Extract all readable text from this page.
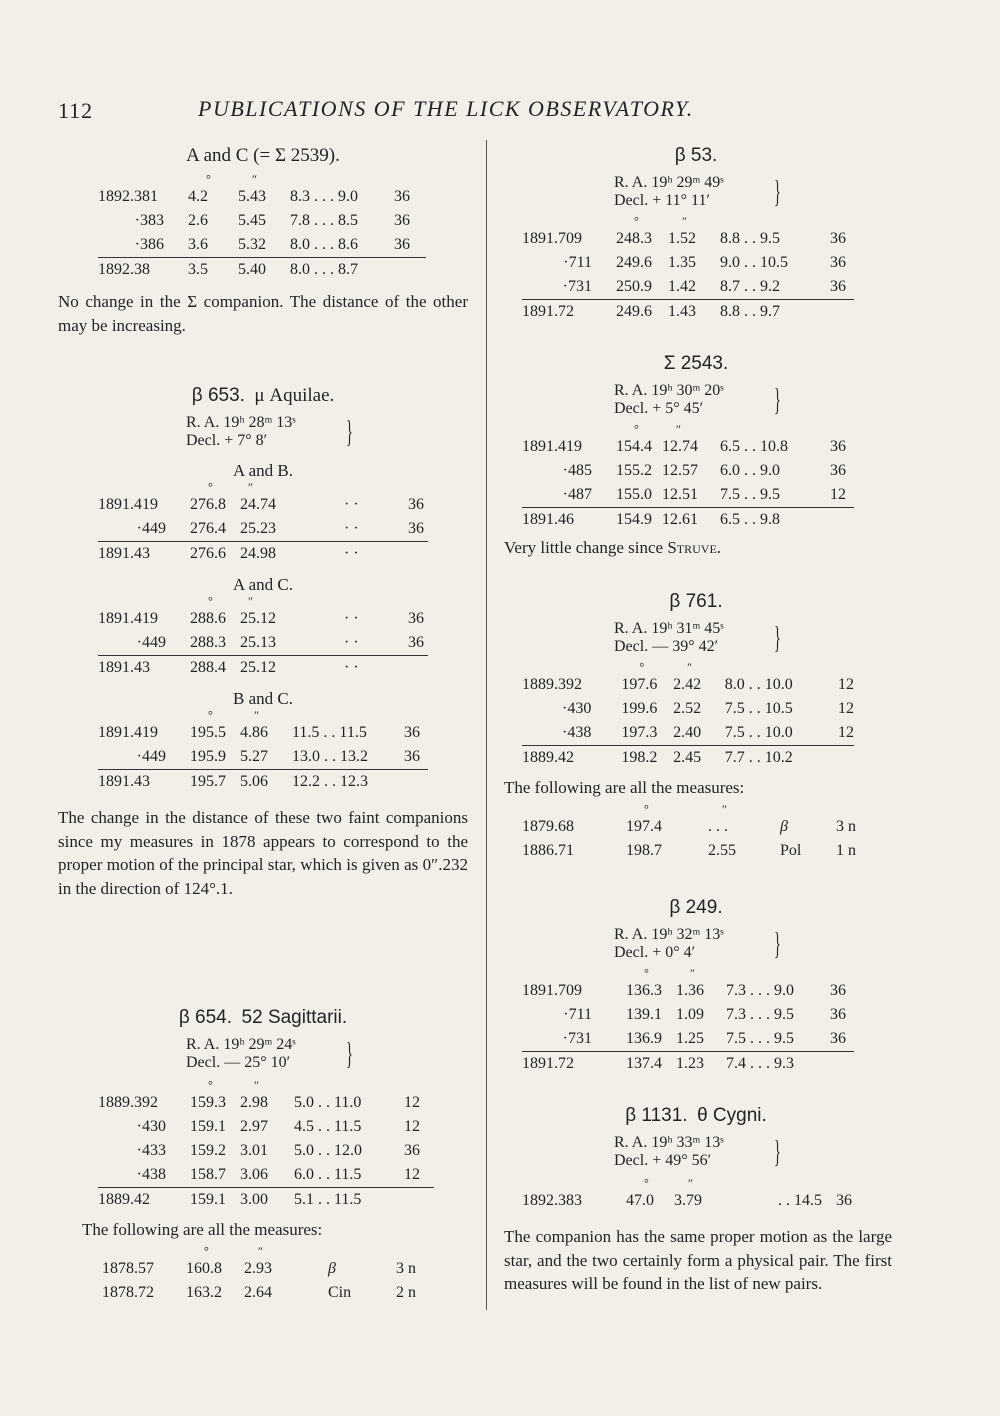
112	PUBLICATIONS OF THE LICK OBSERVATORY.
A and C (= Σ 2539).
	°	″		
1892.381	4.2	5.43	8.3 . . . 9.0	36
·383	2.6	5.45	7.8 . . . 8.5	36
·386	3.6	5.32	8.0 . . . 8.6	36
1892.38	3.5	5.40	8.0 . . . 8.7	
No change in the Σ companion. The distance of the other may be increasing.
β 653. μ Aquilae.
R. A. 19ʰ 28ᵐ 13ˢ
Decl. + 7° 8′	}
A and B.
	°	″		
1891.419	276.8	24.74	· ·	36
·449	276.4	25.23	· ·	36
1891.43	276.6	24.98	· ·	
A and C.
	°	″		
1891.419	288.6	25.12	· ·	36
·449	288.3	25.13	· ·	36
1891.43	288.4	25.12	· ·	
B and C.
	°	″		
1891.419	195.5	4.86	11.5 . . 11.5	36
·449	195.9	5.27	13.0 . . 13.2	36
1891.43	195.7	5.06	12.2 . . 12.3	
The change in the distance of these two faint companions since my measures in 1878 appears to correspond to the proper motion of the principal star, which is given as 0″.232 in the direction of 124°.1.
β 654. 52 Sagittarii.
R. A. 19ʰ 29ᵐ 24ˢ
Decl. — 25° 10′	}
	°	″		
1889.392	159.3	2.98	5.0 . . 11.0	12
·430	159.1	2.97	4.5 . . 11.5	12
·433	159.2	3.01	5.0 . . 12.0	36
·438	158.7	3.06	6.0 . . 11.5	12
1889.42	159.1	3.00	5.1 . . 11.5	
The following are all the measures:
	°	″		
1878.57	160.8	2.93	β	3 n
1878.72	163.2	2.64	Cin	2 n
β 53.
R. A. 19ʰ 29ᵐ 49ˢ
Decl. + 11° 11′	}
	°	″		
1891.709	248.3	1.52	8.8 . . 9.5	36
·711	249.6	1.35	9.0 . . 10.5	36
·731	250.9	1.42	8.7 . . 9.2	36
1891.72	249.6	1.43	8.8 . . 9.7	
Σ 2543.
R. A. 19ʰ 30ᵐ 20ˢ
Decl. + 5° 45′	}
	°	″		
1891.419	154.4	12.74	6.5 . . 10.8	36
·485	155.2	12.57	6.0 . . 9.0	36
·487	155.0	12.51	7.5 . . 9.5	12
1891.46	154.9	12.61	6.5 . . 9.8	
Very little change since Struve.
β 761.
R. A. 19ʰ 31ᵐ 45ˢ
Decl. — 39° 42′	}
	°	″		
1889.392	197.6	2.42	8.0 . . 10.0	12
·430	199.6	2.52	7.5 . . 10.5	12
·438	197.3	2.40	7.5 . . 10.0	12
1889.42	198.2	2.45	7.7 . . 10.2	
The following are all the measures:
	°	″		
1879.68	197.4	. . .	β	3 n
1886.71	198.7	2.55	Pol	1 n
β 249.
R. A. 19ʰ 32ᵐ 13ˢ
Decl. + 0° 4′	}
	°	″		
1891.709	136.3	1.36	7.3 . . . 9.0	36
·711	139.1	1.09	7.3 . . . 9.5	36
·731	136.9	1.25	7.5 . . . 9.5	36
1891.72	137.4	1.23	7.4 . . . 9.3	
β 1131. θ Cygni.
R. A. 19ʰ 33ᵐ 13ˢ
Decl. + 49° 56′	}
	°	″		
1892.383	47.0	3.79	. . 14.5	36
The companion has the same proper motion as the large star, and the two certainly form a physical pair. The first measures will be found in the list of new pairs.
